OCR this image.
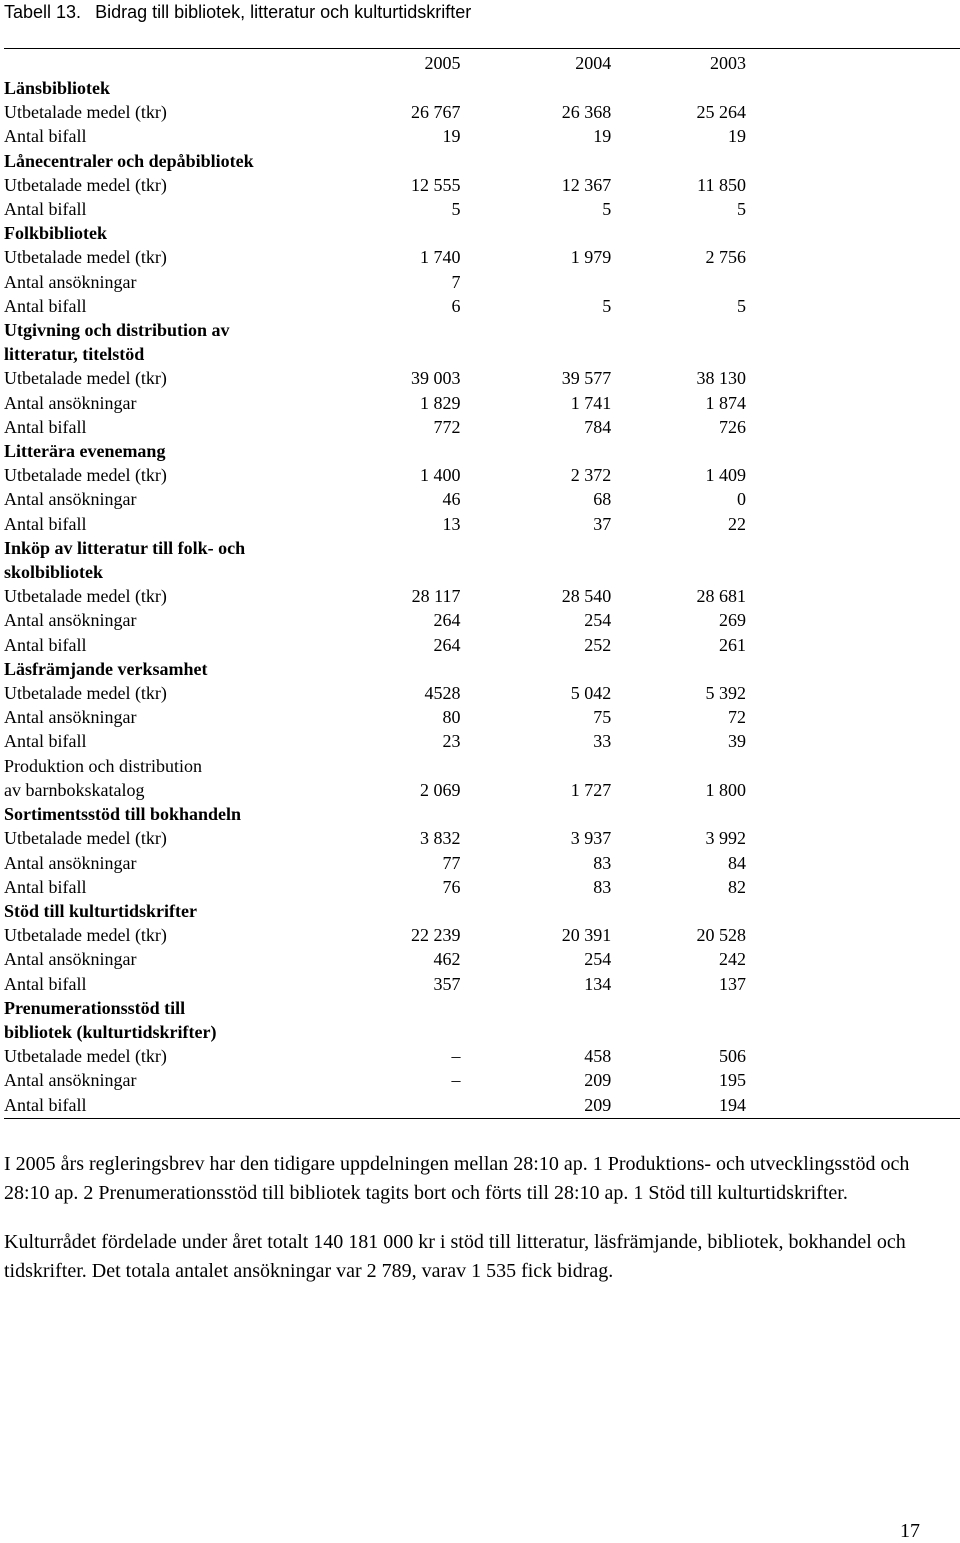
Tabell 13. Bidrag till bibliotek, litteratur och kulturtidskrifter
	2005	2004	2003
Länsbibliotek			
Utbetalade medel (tkr)	26 767	26 368	25 264
Antal bifall	19	19	19
Lånecentraler och depåbibliotek			
Utbetalade medel (tkr)	12 555	12 367	11 850
Antal bifall	5	5	5
Folkbibliotek			
Utbetalade medel (tkr)	1 740	1 979	2 756
Antal ansökningar	7		
Antal bifall	6	5	5
Utgivning och distribution av			
litteratur, titelstöd			
Utbetalade medel (tkr)	39 003	39 577	38 130
Antal ansökningar	1 829	1 741	1 874
Antal bifall	772	784	726
Litterära evenemang			
Utbetalade medel (tkr)	1 400	2 372	1 409
Antal ansökningar	46	68	0
Antal bifall	13	37	22
Inköp av litteratur till folk- och			
skolbibliotek			
Utbetalade medel (tkr)	28 117	28 540	28 681
Antal ansökningar	264	254	269
Antal bifall	264	252	261
Läsfrämjande verksamhet			
Utbetalade medel (tkr)	4528	5 042	5 392
Antal ansökningar	80	75	72
Antal bifall	23	33	39
Produktion och distribution			
av barnbokskatalog	2 069	1 727	1 800
Sortimentsstöd till bokhandeln			
Utbetalade medel (tkr)	3 832	3 937	3 992
Antal ansökningar	77	83	84
Antal bifall	76	83	82
Stöd till kulturtidskrifter			
Utbetalade medel (tkr)	22 239	20 391	20 528
Antal ansökningar	462	254	242
Antal bifall	357	134	137
Prenumerationsstöd till			
bibliotek (kulturtidskrifter)			
Utbetalade medel (tkr)	–	458	506
Antal ansökningar	–	209	195
Antal bifall		209	194

I 2005 års regleringsbrev har den tidigare uppdelningen mellan 28:10 ap. 1 Produktions- och utvecklingsstöd och 28:10 ap. 2 Prenumerationsstöd till bibliotek tagits bort och förts till 28:10 ap. 1 Stöd till kulturtidskrifter.

Kulturrådet fördelade under året totalt 140 181 000 kr i stöd till litteratur, läsfrämjande, bibliotek, bokhandel och tidskrifter. Det totala antalet ansökningar var 2 789, varav 1 535 fick bidrag.

17
